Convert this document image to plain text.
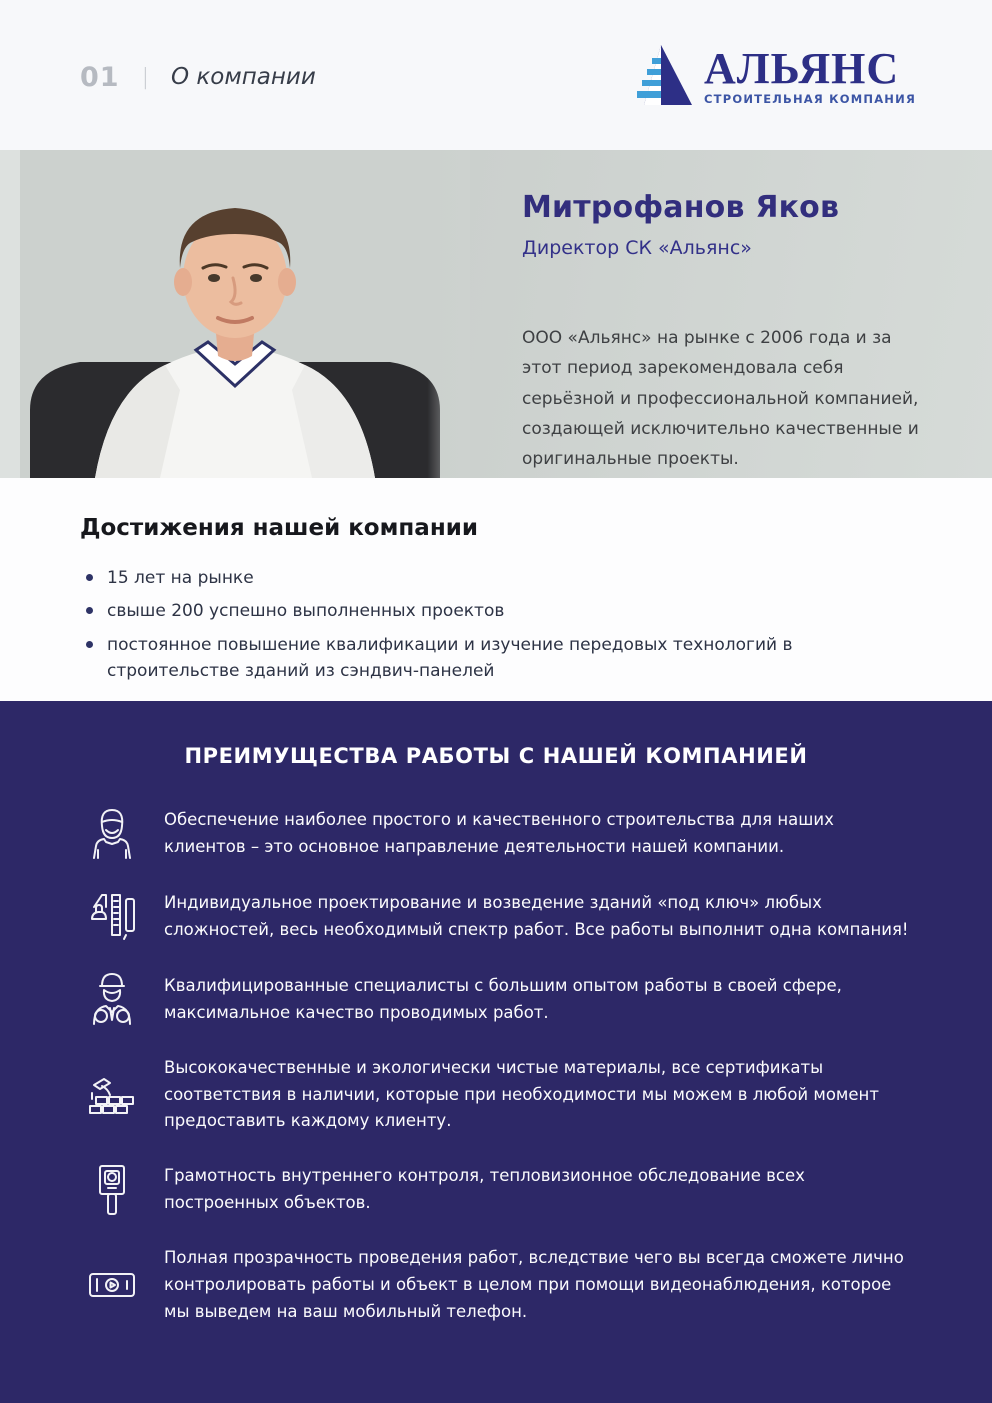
01 | О компании	АЛЬЯНС
СТРОИТЕЛЬНАЯ КОМПАНИЯ
Митрофанов Яков
Директор СК «Альянс»
ООО «Альянс» на рынке с 2006 года и за этот период зарекомендовала себя серьёзной и профессиональной компанией, создающей исключительно качественные и оригинальные проекты.
Достижения нашей компании
15 лет на рынке
свыше 200 успешно выполненных проектов
постоянное повышение квалификации и изучение передовых технологий в строительстве зданий из сэндвич-панелей
ПРЕИМУЩЕСТВА РАБОТЫ С НАШЕЙ КОМПАНИЕЙ
Обеспечение наиболее простого и качественного строительства для наших клиентов – это основное направление деятельности нашей компании.
Индивидуальное проектирование и возведение зданий «под ключ» любых сложностей, весь необходимый спектр работ. Все работы выполнит одна компания!
Квалифицированные специалисты с большим опытом работы в своей сфере, максимальное качество проводимых работ.
Высококачественные и экологически чистые материалы, все сертификаты соответствия в наличии, которые при необходимости мы можем в любой момент предоставить каждому клиенту.
Грамотность внутреннего контроля, тепловизионное обследование всех построенных объектов.
Полная прозрачность проведения работ, вследствие чего вы всегда сможете лично контролировать работы и объект в целом при помощи видеонаблюдения, которое мы выведем на ваш мобильный телефон.
